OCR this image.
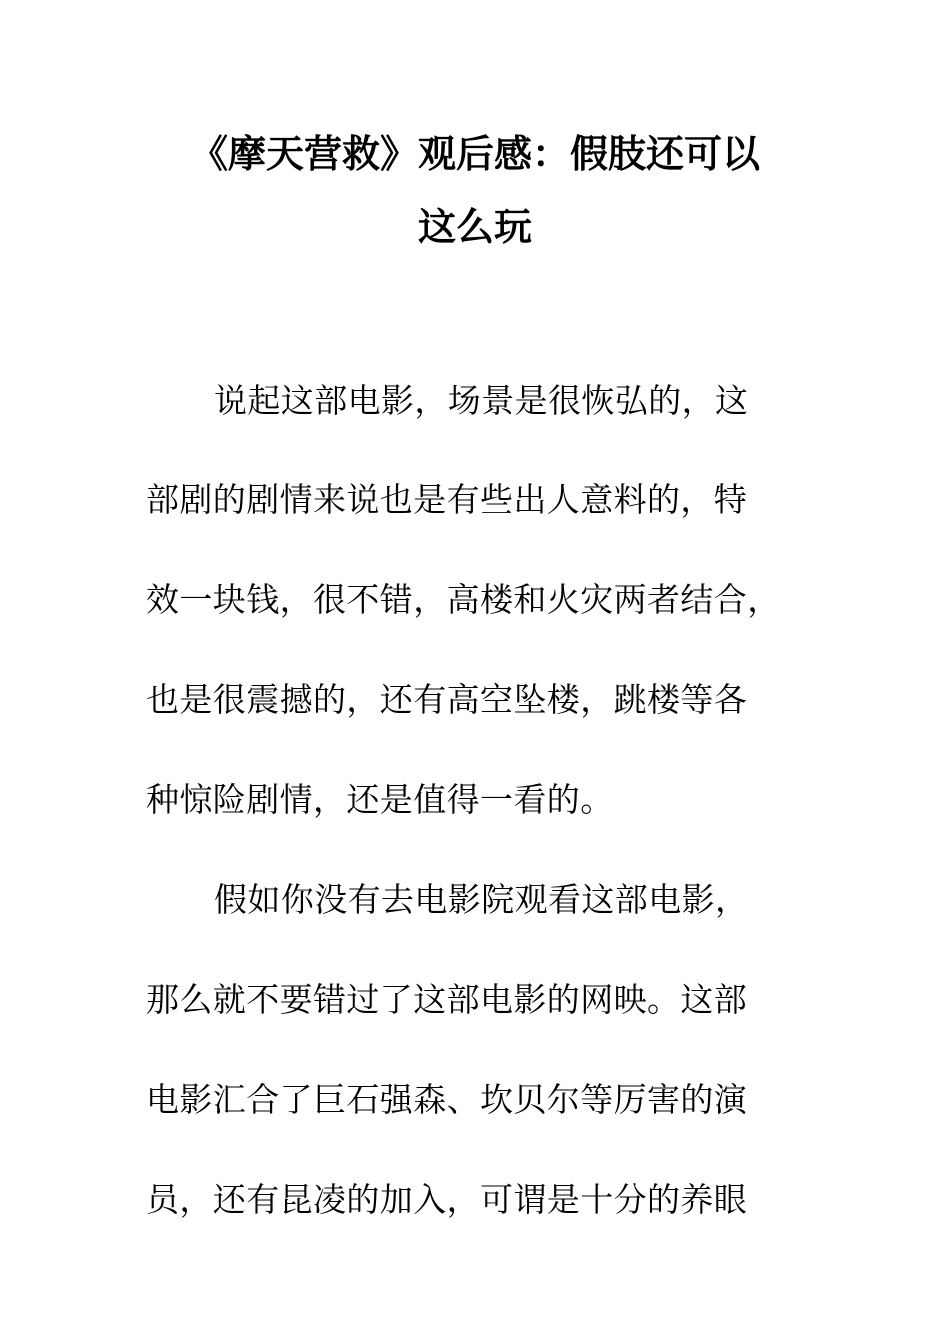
《摩天营救》观后感：假肢还可以
这么玩
说起这部电影，场景是很恢弘的，这
部剧的剧情来说也是有些出人意料的，特
效一块钱，很不错，高楼和火灾两者结合，
也是很震撼的，还有高空坠楼，跳楼等各
种惊险剧情，还是值得一看的。
假如你没有去电影院观看这部电影，
那么就不要错过了这部电影的网映。这部
电影汇合了巨石强森、坎贝尔等厉害的演
员，还有昆凌的加入，可谓是十分的养眼
